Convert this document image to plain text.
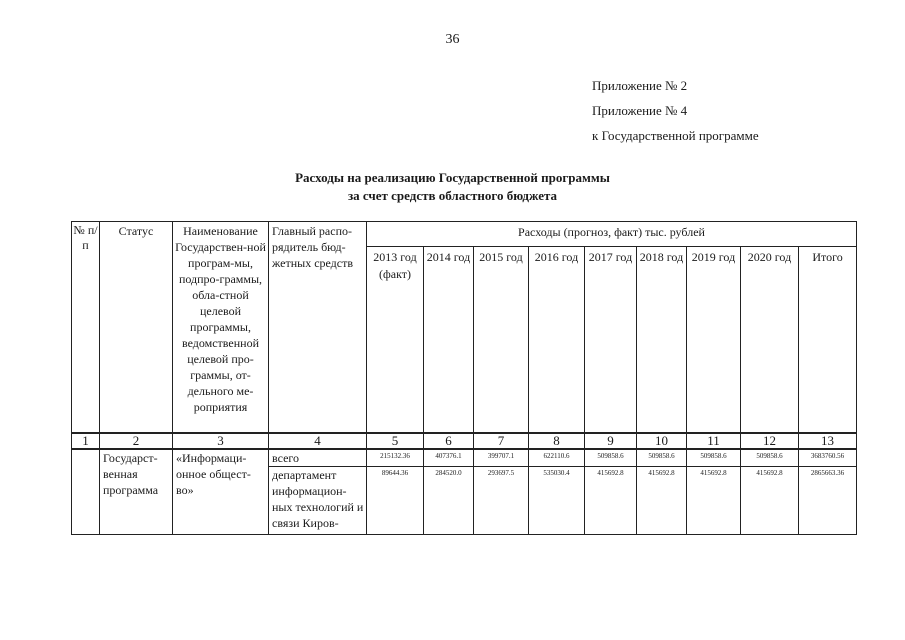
36
Приложение № 2
Приложение № 4
к Государственной программе
Расходы на реализацию Государственной программы
за счет средств областного бюджета
№ п/п	Статус	Наименование Государствен-ной програм-мы, подпро-граммы, обла-стной целевой программы, ведомственной целевой про-граммы, от-дельного ме-роприятия	Главный распо-рядитель бюд-жетных средств	Расходы (прогноз, факт) тыс. рублей								
				2013 год (факт)	2014 год	2015 год	2016 год	2017 год	2018 год	2019 год	2020 год	Итого
1	2	3	4	5	6	7	8	9	10	11	12	13
	Государст-венная программа	«Информаци-онное общест-во»	всего	215132.36	407376.1	399707.1	622110.6	509858.6	509858.6	509858.6	509858.6	3683760.56
			департамент информацион-ных технологий и связи Киров-	89644.36	284520.0	293697.5	535030.4	415692.8	415692.8	415692.8	415692.8	2865663.36
